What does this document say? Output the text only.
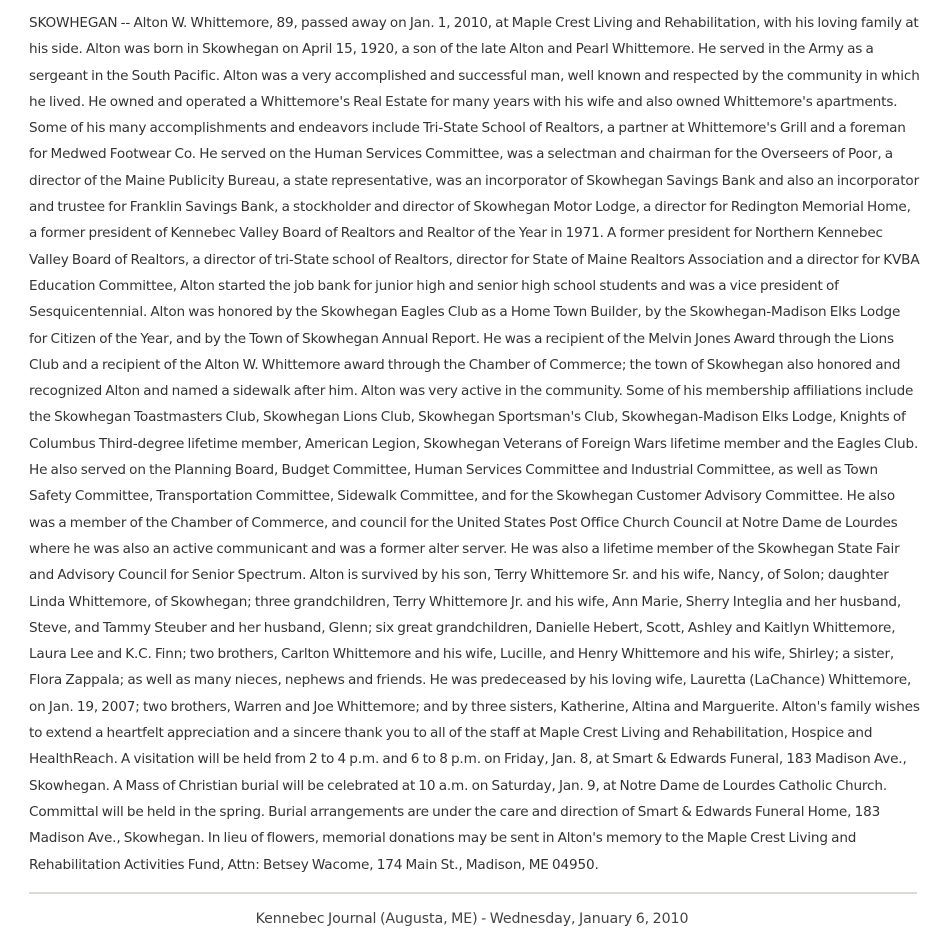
SKOWHEGAN -- Alton W. Whittemore, 89, passed away on Jan. 1, 2010, at Maple Crest Living and Rehabilitation, with his loving family at his side. Alton was born in Skowhegan on April 15, 1920, a son of the late Alton and Pearl Whittemore. He served in the Army as a sergeant in the South Pacific. Alton was a very accomplished and successful man, well known and respected by the community in which he lived. He owned and operated a Whittemore's Real Estate for many years with his wife and also owned Whittemore's apartments. Some of his many accomplishments and endeavors include Tri-State School of Realtors, a partner at Whittemore's Grill and a foreman for Medwed Footwear Co. He served on the Human Services Committee, was a selectman and chairman for the Overseers of Poor, a director of the Maine Publicity Bureau, a state representative, was an incorporator of Skowhegan Savings Bank and also an incorporator and trustee for Franklin Savings Bank, a stockholder and director of Skowhegan Motor Lodge, a director for Redington Memorial Home, a former president of Kennebec Valley Board of Realtors and Realtor of the Year in 1971. A former president for Northern Kennebec Valley Board of Realtors, a director of tri-State school of Realtors, director for State of Maine Realtors Association and a director for KVBA Education Committee, Alton started the job bank for junior high and senior high school students and was a vice president of Sesquicentennial. Alton was honored by the Skowhegan Eagles Club as a Home Town Builder, by the Skowhegan-Madison Elks Lodge for Citizen of the Year, and by the Town of Skowhegan Annual Report. He was a recipient of the Melvin Jones Award through the Lions Club and a recipient of the Alton W. Whittemore award through the Chamber of Commerce; the town of Skowhegan also honored and recognized Alton and named a sidewalk after him. Alton was very active in the community. Some of his membership affiliations include the Skowhegan Toastmasters Club, Skowhegan Lions Club, Skowhegan Sportsman's Club, Skowhegan-Madison Elks Lodge, Knights of Columbus Third-degree lifetime member, American Legion, Skowhegan Veterans of Foreign Wars lifetime member and the Eagles Club. He also served on the Planning Board, Budget Committee, Human Services Committee and Industrial Committee, as well as Town Safety Committee, Transportation Committee, Sidewalk Committee, and for the Skowhegan Customer Advisory Committee. He also was a member of the Chamber of Commerce, and council for the United States Post Office Church Council at Notre Dame de Lourdes where he was also an active communicant and was a former alter server. He was also a lifetime member of the Skowhegan State Fair and Advisory Council for Senior Spectrum. Alton is survived by his son, Terry Whittemore Sr. and his wife, Nancy, of Solon; daughter Linda Whittemore, of Skowhegan; three grandchildren, Terry Whittemore Jr. and his wife, Ann Marie, Sherry Integlia and her husband, Steve, and Tammy Steuber and her husband, Glenn; six great grandchildren, Danielle Hebert, Scott, Ashley and Kaitlyn Whittemore, Laura Lee and K.C. Finn; two brothers, Carlton Whittemore and his wife, Lucille, and Henry Whittemore and his wife, Shirley; a sister, Flora Zappala; as well as many nieces, nephews and friends. He was predeceased by his loving wife, Lauretta (LaChance) Whittemore, on Jan. 19, 2007; two brothers, Warren and Joe Whittemore; and by three sisters, Katherine, Altina and Marguerite. Alton's family wishes to extend a heartfelt appreciation and a sincere thank you to all of the staff at Maple Crest Living and Rehabilitation, Hospice and HealthReach. A visitation will be held from 2 to 4 p.m. and 6 to 8 p.m. on Friday, Jan. 8, at Smart & Edwards Funeral, 183 Madison Ave., Skowhegan. A Mass of Christian burial will be celebrated at 10 a.m. on Saturday, Jan. 9, at Notre Dame de Lourdes Catholic Church. Committal will be held in the spring. Burial arrangements are under the care and direction of Smart & Edwards Funeral Home, 183 Madison Ave., Skowhegan. In lieu of flowers, memorial donations may be sent in Alton's memory to the Maple Crest Living and Rehabilitation Activities Fund, Attn: Betsey Wacome, 174 Main St., Madison, ME 04950.

Kennebec Journal (Augusta, ME) - Wednesday, January 6, 2010
